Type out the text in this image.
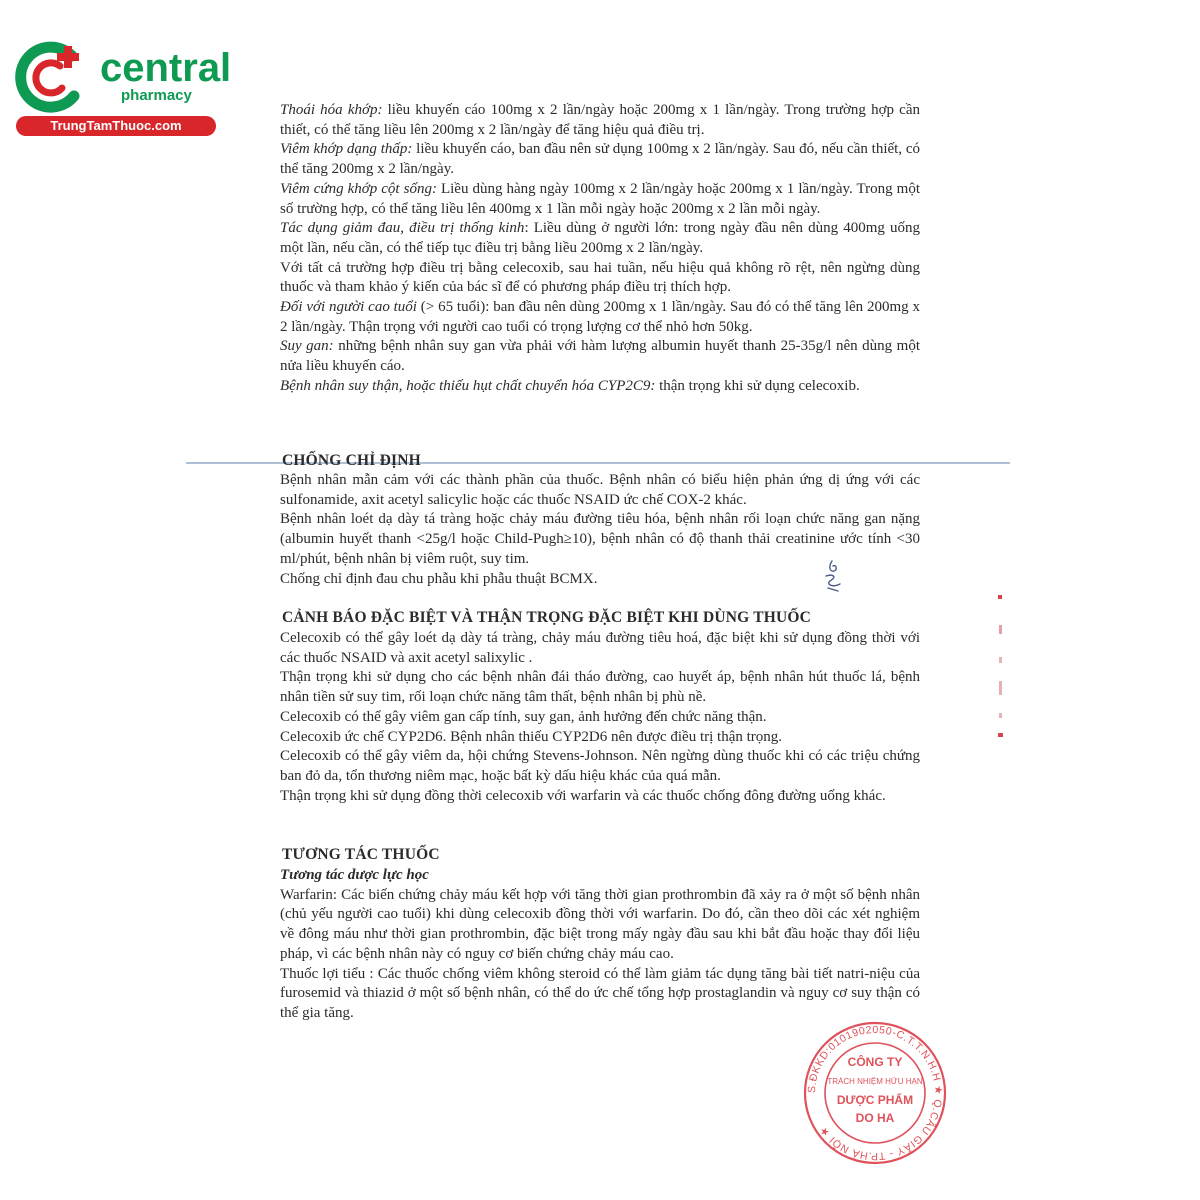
central
pharmacy
TrungTamThuoc.com

Thoái hóa khớp: liều khuyến cáo 100mg x 2 lần/ngày hoặc 200mg x 1 lần/ngày. Trong trường hợp cần thiết, có thể tăng liều lên 200mg x 2 lần/ngày để tăng hiệu quả điều trị.

Viêm khớp dạng thấp: liều khuyến cáo, ban đầu nên sử dụng 100mg x 2 lần/ngày. Sau đó, nếu cần thiết, có thể tăng 200mg x 2 lần/ngày.

Viêm cứng khớp cột sống: Liều dùng hàng ngày 100mg x 2 lần/ngày hoặc 200mg x 1 lần/ngày. Trong một số trường hợp, có thể tăng liều lên 400mg x 1 lần mỗi ngày hoặc 200mg x 2 lần mỗi ngày.

Tác dụng giảm đau, điều trị thống kinh: Liều dùng ở người lớn: trong ngày đầu nên dùng 400mg uống một lần, nếu cần, có thể tiếp tục điều trị bằng liều 200mg x 2 lần/ngày.

Với tất cả trường hợp điều trị bằng celecoxib, sau hai tuần, nếu hiệu quả không rõ rệt, nên ngừng dùng thuốc và tham khảo ý kiến của bác sĩ để có phương pháp điều trị thích hợp.

Đối với người cao tuổi (> 65 tuổi): ban đầu nên dùng 200mg x 1 lần/ngày. Sau đó có thể tăng lên 200mg x 2 lần/ngày. Thận trọng với người cao tuổi có trọng lượng cơ thể nhỏ hơn 50kg.

Suy gan: những bệnh nhân suy gan vừa phải với hàm lượng albumin huyết thanh 25-35g/l nên dùng một nửa liều khuyến cáo.

Bệnh nhân suy thận, hoặc thiếu hụt chất chuyển hóa CYP2C9: thận trọng khi sử dụng celecoxib.

CHỐNG CHỈ ĐỊNH

Bệnh nhân mẫn cảm với các thành phần của thuốc. Bệnh nhân có biểu hiện phản ứng dị ứng với các sulfonamide, axit acetyl salicylic hoặc các thuốc NSAID ức chế COX-2 khác.

Bệnh nhân loét dạ dày tá tràng hoặc chảy máu đường tiêu hóa, bệnh nhân rối loạn chức năng gan nặng (albumin huyết thanh <25g/l hoặc Child-Pugh≥10), bệnh nhân có độ thanh thải creatinine ước tính <30 ml/phút, bệnh nhân bị viêm ruột, suy tim.

Chống chỉ định đau chu phẫu khi phẫu thuật BCMX.

CẢNH BÁO ĐẶC BIỆT VÀ THẬN TRỌNG ĐẶC BIỆT KHI DÙNG THUỐC

Celecoxib có thể gây loét dạ dày tá tràng, chảy máu đường tiêu hoá, đặc biệt khi sử dụng đồng thời với các thuốc NSAID và axit acetyl salixylic .

Thận trọng khi sử dụng cho các bệnh nhân đái tháo đường, cao huyết áp, bệnh nhân hút thuốc lá, bệnh nhân tiền sử suy tim, rối loạn chức năng tâm thất, bệnh nhân bị phù nề.

Celecoxib có thể gây viêm gan cấp tính, suy gan, ảnh hưởng đến chức năng thận.

Celecoxib ức chế CYP2D6. Bệnh nhân thiếu CYP2D6 nên được điều trị thận trọng.

Celecoxib có thể gây viêm da, hội chứng Stevens-Johnson. Nên ngừng dùng thuốc khi có các triệu chứng ban đỏ da, tổn thương niêm mạc, hoặc bất kỳ dấu hiệu khác của quá mẫn.

Thận trọng khi sử dụng đồng thời celecoxib với warfarin và các thuốc chống đông đường uống khác.

TƯƠNG TÁC THUỐC

Tương tác dược lực học

Warfarin: Các biến chứng chảy máu kết hợp với tăng thời gian prothrombin đã xảy ra ở một số bệnh nhân (chủ yếu người cao tuổi) khi dùng celecoxib đồng thời với warfarin. Do đó, cần theo dõi các xét nghiệm về đông máu như thời gian prothrombin, đặc biệt trong mấy ngày đầu sau khi bắt đầu hoặc thay đổi liệu pháp, vì các bệnh nhân này có nguy cơ biến chứng chảy máu cao.

Thuốc lợi tiểu : Các thuốc chống viêm không steroid có thể làm giảm tác dụng tăng bài tiết natri-niệu của furosemid và thiazid ở một số bệnh nhân, có thể do ức chế tổng hợp prostaglandin và nguy cơ suy thận có thể gia tăng.

S.ĐKKD:0101902050-C.T.T.N.H.H ★ Q.CẦU GIẤY - TP.HÀ NỘI ★
CÔNG TY
TRÁCH NHIỆM HỮU HẠN
DƯỢC PHẨM
DO HA
